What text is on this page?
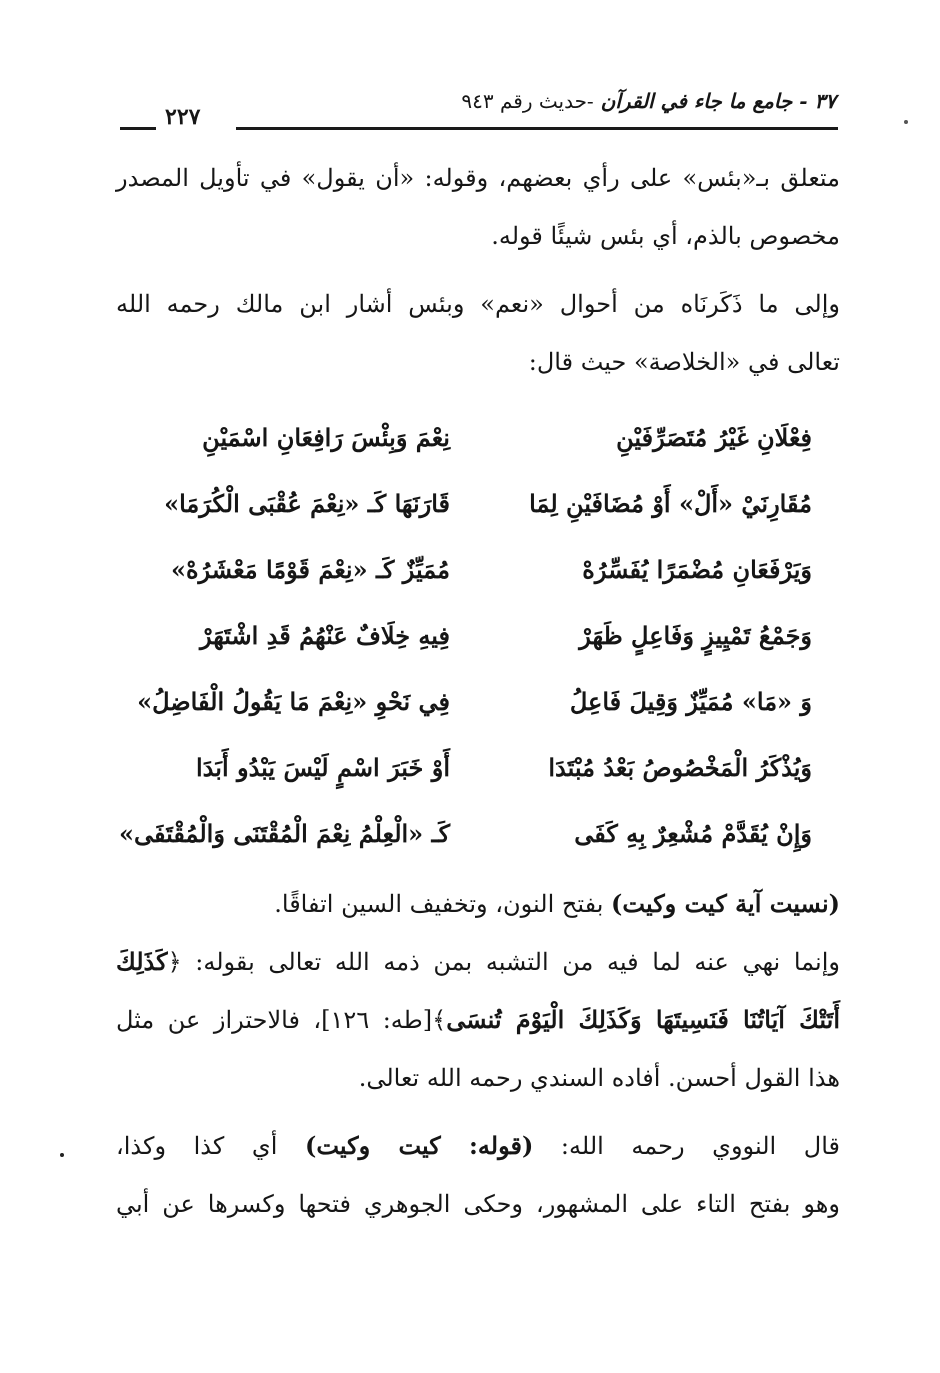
٣٧ - جامع ما جاء في القرآن -حديث رقم ٩٤٣
٢٢٧
متعلق بـ«بئس» على رأي بعضهم، وقوله: «أن يقول» في تأويل المصدر
مخصوص بالذم، أي بئس شيئًا قوله.
وإلى ما ذَكَرنَاه من أحوال «نعم» وبئس أشار ابن مالك رحمه الله
تعالى في «الخلاصة» حيث قال:
فِعْلَانِ غَيْرُ مُتَصَرِّفَيْنِ
نِعْمَ وَبِئْسَ رَافِعَانِ اسْمَيْنِ
مُقَارِنَيْ «أَلْ» أَوْ مُضَافَيْنِ لِمَا
قَارَنَهَا كَـ «نِعْمَ عُقْبَى الْكُرَمَا»
وَيَرْفَعَانِ مُضْمَرًا يُفَسِّرُهْ
مُمَيِّزٌ كَـ «نِعْمَ قَوْمًا مَعْشَرُهْ»
وَجَمْعُ تَمْيِيزٍ وَفَاعِلٍ ظَهَرْ
فِيهِ خِلَافٌ عَنْهُمُ قَدِ اشْتَهَرْ
وَ «مَا» مُمَيِّزٌ وَقِيلَ فَاعِلُ
فِي نَحْوِ «نِعْمَ مَا يَقُولُ الْفَاضِلُ»
وَيُذْكَرُ الْمَخْصُوصُ بَعْدُ مُبْتَدَا
أَوْ خَبَرَ اسْمٍ لَيْسَ يَبْدُو أَبَدَا
وَإِنْ يُقَدَّمْ مُشْعِرٌ بِهِ كَفَى
كَـ «الْعِلْمُ نِعْمَ الْمُقْتَنَى وَالْمُقْتَفَى»
(نسيت آية كيت وكيت) بفتح النون، وتخفيف السين اتفاقًا.
وإنما نهي عنه لما فيه من التشبه بمن ذمه الله تعالى بقوله: ﴿كَذَلِكَ
أَتَتْكَ آيَاتُنَا فَنَسِيتَهَا وَكَذَلِكَ الْيَوْمَ تُنسَى﴾[طه: ١٢٦]، فالاحتراز عن مثل
هذا القول أحسن. أفاده السندي رحمه الله تعالى.
قال النووي رحمه الله: (قوله: كيت وكيت) أي كذا وكذا،
وهو بفتح التاء على المشهور، وحكى الجوهري فتحها وكسرها عن أبي
